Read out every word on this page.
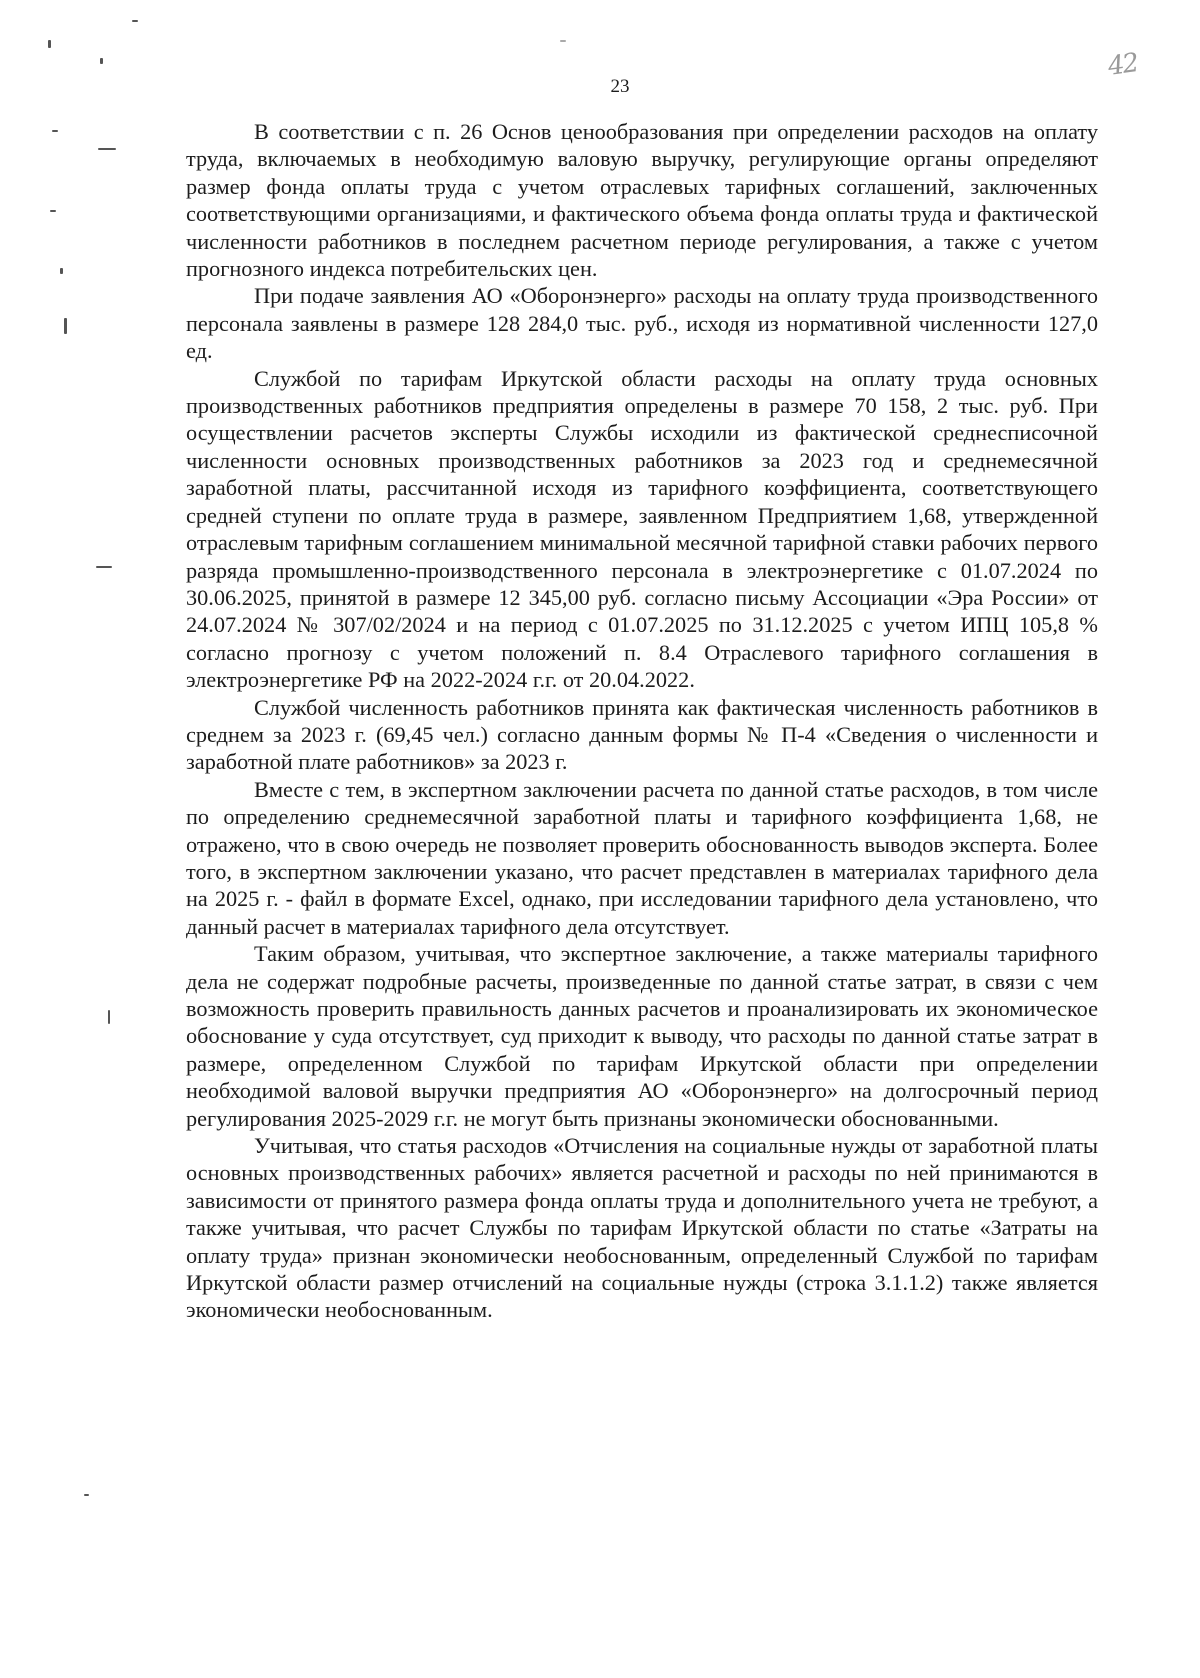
23
42

В соответствии с п. 26 Основ ценообразования при определении расходов на оплату труда, включаемых в необходимую валовую выручку, регулирующие органы определяют размер фонда оплаты труда с учетом отраслевых тарифных соглашений, заключенных соответствующими организациями, и фактического объема фонда оплаты труда и фактической численности работников в последнем расчетном периоде регулирования, а также с учетом прогнозного индекса потребительских цен.

При подаче заявления АО «Оборонэнерго» расходы на оплату труда производственного персонала заявлены в размере 128 284,0 тыс. руб., исходя из нормативной численности 127,0 ед.

Службой по тарифам Иркутской области расходы на оплату труда основных производственных работников предприятия определены в размере 70 158, 2 тыс. руб. При осуществлении расчетов эксперты Службы исходили из фактической среднесписочной численности основных производственных работников за 2023 год и среднемесячной заработной платы, рассчитанной исходя из тарифного коэффициента, соответствующего средней ступени по оплате труда в размере, заявленном Предприятием 1,68, утвержденной отраслевым тарифным соглашением минимальной месячной тарифной ставки рабочих первого разряда промышленно-производственного персонала в электроэнергетике с 01.07.2024 по 30.06.2025, принятой в размере 12 345,00 руб. согласно письму Ассоциации «Эра России» от 24.07.2024 № 307/02/2024 и на период с 01.07.2025 по 31.12.2025 с учетом ИПЦ 105,8 % согласно прогнозу с учетом положений п. 8.4 Отраслевого тарифного соглашения в электроэнергетике РФ на 2022-2024 г.г. от 20.04.2022.

Службой численность работников принята как фактическая численность работников в среднем за 2023 г. (69,45 чел.) согласно данным формы № П-4 «Сведения о численности и заработной плате работников» за 2023 г.

Вместе с тем, в экспертном заключении расчета по данной статье расходов, в том числе по определению среднемесячной заработной платы и тарифного коэффициента 1,68, не отражено, что в свою очередь не позволяет проверить обоснованность выводов эксперта. Более того, в экспертном заключении указано, что расчет представлен в материалах тарифного дела на 2025 г. - файл в формате Excel, однако, при исследовании тарифного дела установлено, что данный расчет в материалах тарифного дела отсутствует.

Таким образом, учитывая, что экспертное заключение, а также материалы тарифного дела не содержат подробные расчеты, произведенные по данной статье затрат, в связи с чем возможность проверить правильность данных расчетов и проанализировать их экономическое обоснование у суда отсутствует, суд приходит к выводу, что расходы по данной статье затрат в размере, определенном Службой по тарифам Иркутской области при определении необходимой валовой выручки предприятия АО «Оборонэнерго» на долгосрочный период регулирования 2025-2029 г.г. не могут быть признаны экономически обоснованными.

Учитывая, что статья расходов «Отчисления на социальные нужды от заработной платы основных производственных рабочих» является расчетной и расходы по ней принимаются в зависимости от принятого размера фонда оплаты труда и дополнительного учета не требуют, а также учитывая, что расчет Службы по тарифам Иркутской области по статье «Затраты на оплату труда» признан экономически необоснованным, определенный Службой по тарифам Иркутской области размер отчислений на социальные нужды (строка 3.1.1.2) также является экономически необоснованным.
